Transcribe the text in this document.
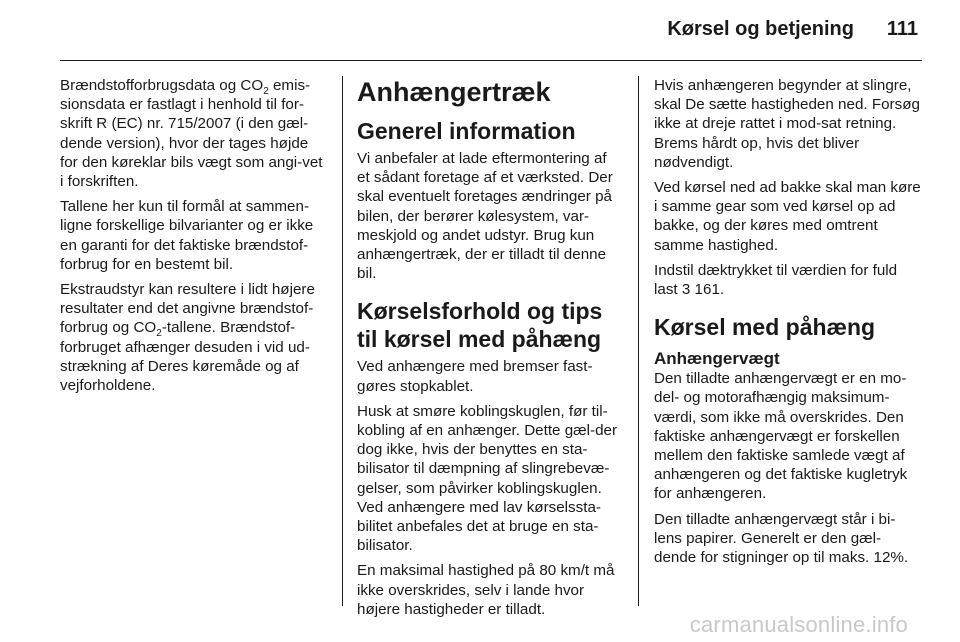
Kørsel og betjening 111

Brændstofforbrugsdata og $CO_2$ emis-sionsdata er fastlagt i henhold til for-skrift R (EC) nr. 715/2007 (i den gæl-dende version), hvor der tages højde for den køreklar bils vægt som angi-vet i forskriften.

Tallene her kun til formål at sammen-ligne forskellige bilvarianter og er ikke en garanti for det faktiske brændstof-forbrug for en bestemt bil.

Ekstraudstyr kan resultere i lidt højere resultater end det angivne brændstof-forbrug og $CO_2$-tallene. Brændstof-forbruget afhænger desuden i vid ud-strækning af Deres køremåde og af vejforholdene.

Anhængertræk
Generel information

Vi anbefaler at lade eftermontering af et sådant foretage af et værksted. Der skal eventuelt foretages ændringer på bilen, der berører kølesystem, var-meskjold og andet udstyr. Brug kun anhængertræk, der er tilladt til denne bil.

Kørselsforhold og tips til kørsel med påhæng

Ved anhængere med bremser fast-gøres stopkablet.

Husk at smøre koblingskuglen, før til-kobling af en anhænger. Dette gæl-der dog ikke, hvis der benyttes en sta-bilisator til dæmpning af slingrebevæ-gelser, som påvirker koblingskuglen. Ved anhængere med lav kørselssta-bilitet anbefales det at bruge en sta-bilisator.

En maksimal hastighed på 80 km/t må ikke overskrides, selv i lande hvor højere hastigheder er tilladt.

Hvis anhængeren begynder at slingre, skal De sætte hastigheden ned. Forsøg ikke at dreje rattet i mod-sat retning. Brems hårdt op, hvis det bliver nødvendigt.

Ved kørsel ned ad bakke skal man køre i samme gear som ved kørsel op ad bakke, og der køres med omtrent samme hastighed.

Indstil dæktrykket til værdien for fuld last 3 161.

Kørsel med påhæng
Anhængervægt

Den tilladte anhængervægt er en mo-del- og motorafhængig maksimum-værdi, som ikke må overskrides. Den faktiske anhængervægt er forskellen mellem den faktiske samlede vægt af anhængeren og det faktiske kugletryk for anhængeren.

Den tilladte anhængervægt står i bi-lens papirer. Generelt er den gæl-dende for stigninger op til maks. 12%.

carmanualsonline.info
